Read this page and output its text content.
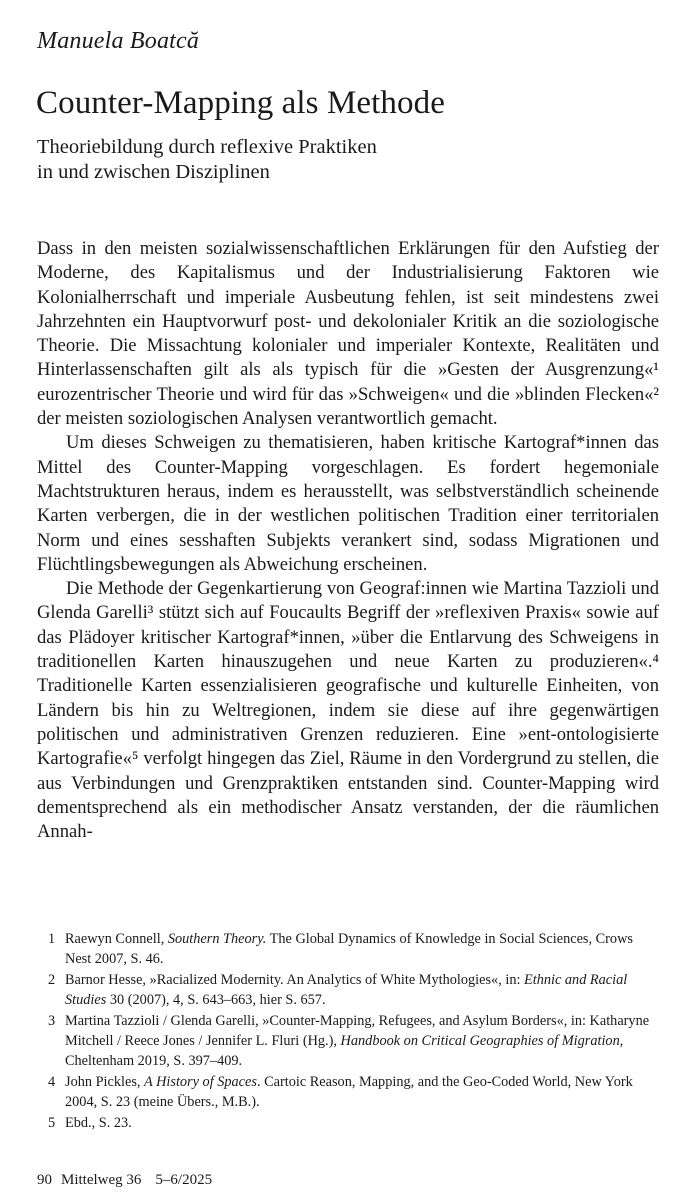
Manuela Boatcă
Counter-Mapping als Methode
Theoriebildung durch reflexive Praktiken
in und zwischen Disziplinen

Dass in den meisten sozialwissenschaftlichen Erklärungen für den Aufstieg der Moderne, des Kapitalismus und der Industrialisierung Faktoren wie Kolonialherrschaft und imperiale Ausbeutung fehlen, ist seit mindestens zwei Jahrzehnten ein Hauptvorwurf post- und dekolonialer Kritik an die soziologische Theorie. Die Missachtung kolonialer und imperialer Kontexte, Realitäten und Hinterlassenschaften gilt als als typisch für die »Gesten der Ausgrenzung«¹ eurozentrischer Theorie und wird für das »Schweigen« und die »blinden Flecken«² der meisten soziologischen Analysen verantwortlich gemacht.

Um dieses Schweigen zu thematisieren, haben kritische Kartograf*innen das Mittel des Counter-Mapping vorgeschlagen. Es fordert hegemoniale Machtstrukturen heraus, indem es herausstellt, was selbstverständlich scheinende Karten verbergen, die in der westlichen politischen Tradition einer territorialen Norm und eines sesshaften Subjekts verankert sind, sodass Migrationen und Flüchtlingsbewegungen als Abweichung erscheinen.

Die Methode der Gegenkartierung von Geograf:innen wie Martina Tazzioli und Glenda Garelli³ stützt sich auf Foucaults Begriff der »reflexiven Praxis« sowie auf das Plädoyer kritischer Kartograf*innen, »über die Entlarvung des Schweigens in traditionellen Karten hinauszugehen und neue Karten zu produzieren«.⁴ Traditionelle Karten essenzialisieren geografische und kulturelle Einheiten, von Ländern bis hin zu Weltregionen, indem sie diese auf ihre gegenwärtigen politischen und administrativen Grenzen reduzieren. Eine »ent-ontologisierte Kartografie«⁵ verfolgt hingegen das Ziel, Räume in den Vordergrund zu stellen, die aus Verbindungen und Grenzpraktiken entstanden sind. Counter-Mapping wird dementsprechend als ein methodischer Ansatz verstanden, der die räumlichen Annah-

1 Raewyn Connell, Southern Theory. The Global Dynamics of Knowledge in Social Sciences, Crows Nest 2007, S. 46.
2 Barnor Hesse, »Racialized Modernity. An Analytics of White Mythologies«, in: Ethnic and Racial Studies 30 (2007), 4, S. 643–663, hier S. 657.
3 Martina Tazzioli / Glenda Garelli, »Counter-Mapping, Refugees, and Asylum Borders«, in: Katharyne Mitchell / Reece Jones / Jennifer L. Fluri (Hg.), Handbook on Critical Geographies of Migration, Cheltenham 2019, S. 397–409.
4 John Pickles, A History of Spaces. Cartoic Reason, Mapping, and the Geo-Coded World, New York 2004, S. 23 (meine Übers., M.B.).
5 Ebd., S. 23.
90 Mittelweg 36 5–6/2025
